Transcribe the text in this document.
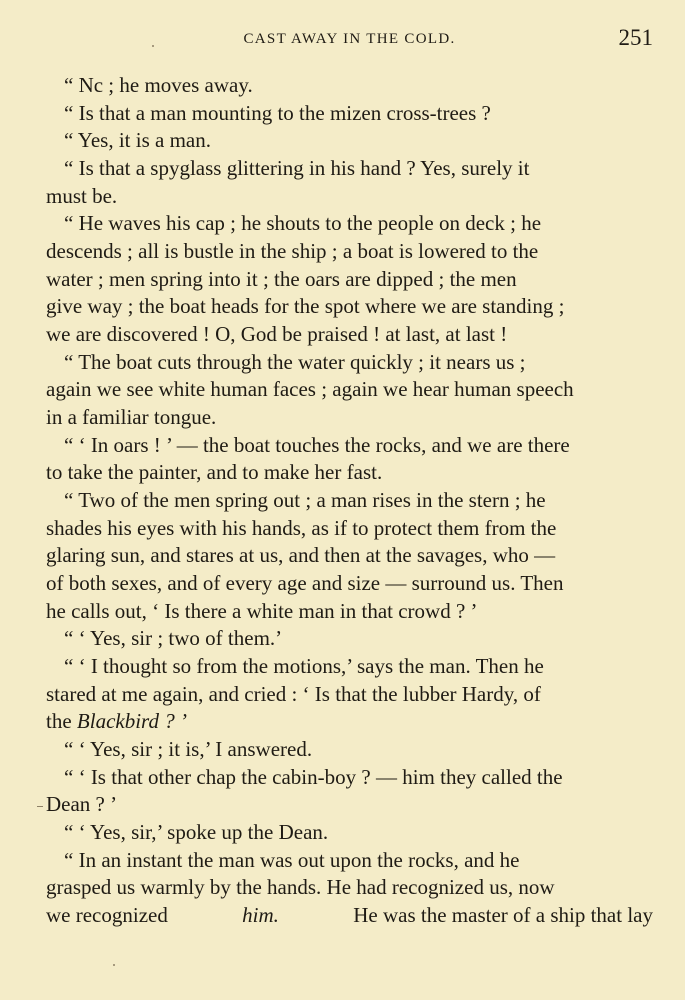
CAST AWAY IN THE COLD.	251
“ Nc ; he moves away.
“ Is that a man mounting to the mizen cross-trees ?
“ Yes, it is a man.
“ Is that a spyglass glittering in his hand ? Yes, surely it
must be.
“ He waves his cap ; he shouts to the people on deck ; he
descends ; all is bustle in the ship ; a boat is lowered to the
water ; men spring into it ; the oars are dipped ; the men
give way ; the boat heads for the spot where we are standing ;
we are discovered ! O, God be praised ! at last, at last !
“ The boat cuts through the water quickly ; it nears us ;
again we see white human faces ; again we hear human speech
in a familiar tongue.
“ ‘ In oars ! ’ — the boat touches the rocks, and we are there
to take the painter, and to make her fast.
“ Two of the men spring out ; a man rises in the stern ; he
shades his eyes with his hands, as if to protect them from the
glaring sun, and stares at us, and then at the savages, who —
of both sexes, and of every age and size — surround us. Then
he calls out, ‘ Is there a white man in that crowd ? ’
“ ‘ Yes, sir ; two of them.’
“ ‘ I thought so from the motions,’ says the man. Then he
stared at me again, and cried : ‘ Is that the lubber Hardy, of
the Blackbird ? ’
“ ‘ Yes, sir ; it is,’ I answered.
“ ‘ Is that other chap the cabin-boy ? — him they called the
Dean ? ’
“ ‘ Yes, sir,’ spoke up the Dean.
“ In an instant the man was out upon the rocks, and he
grasped us warmly by the hands. He had recognized us, now
we recognized	him.	He was the master of a ship that lay
